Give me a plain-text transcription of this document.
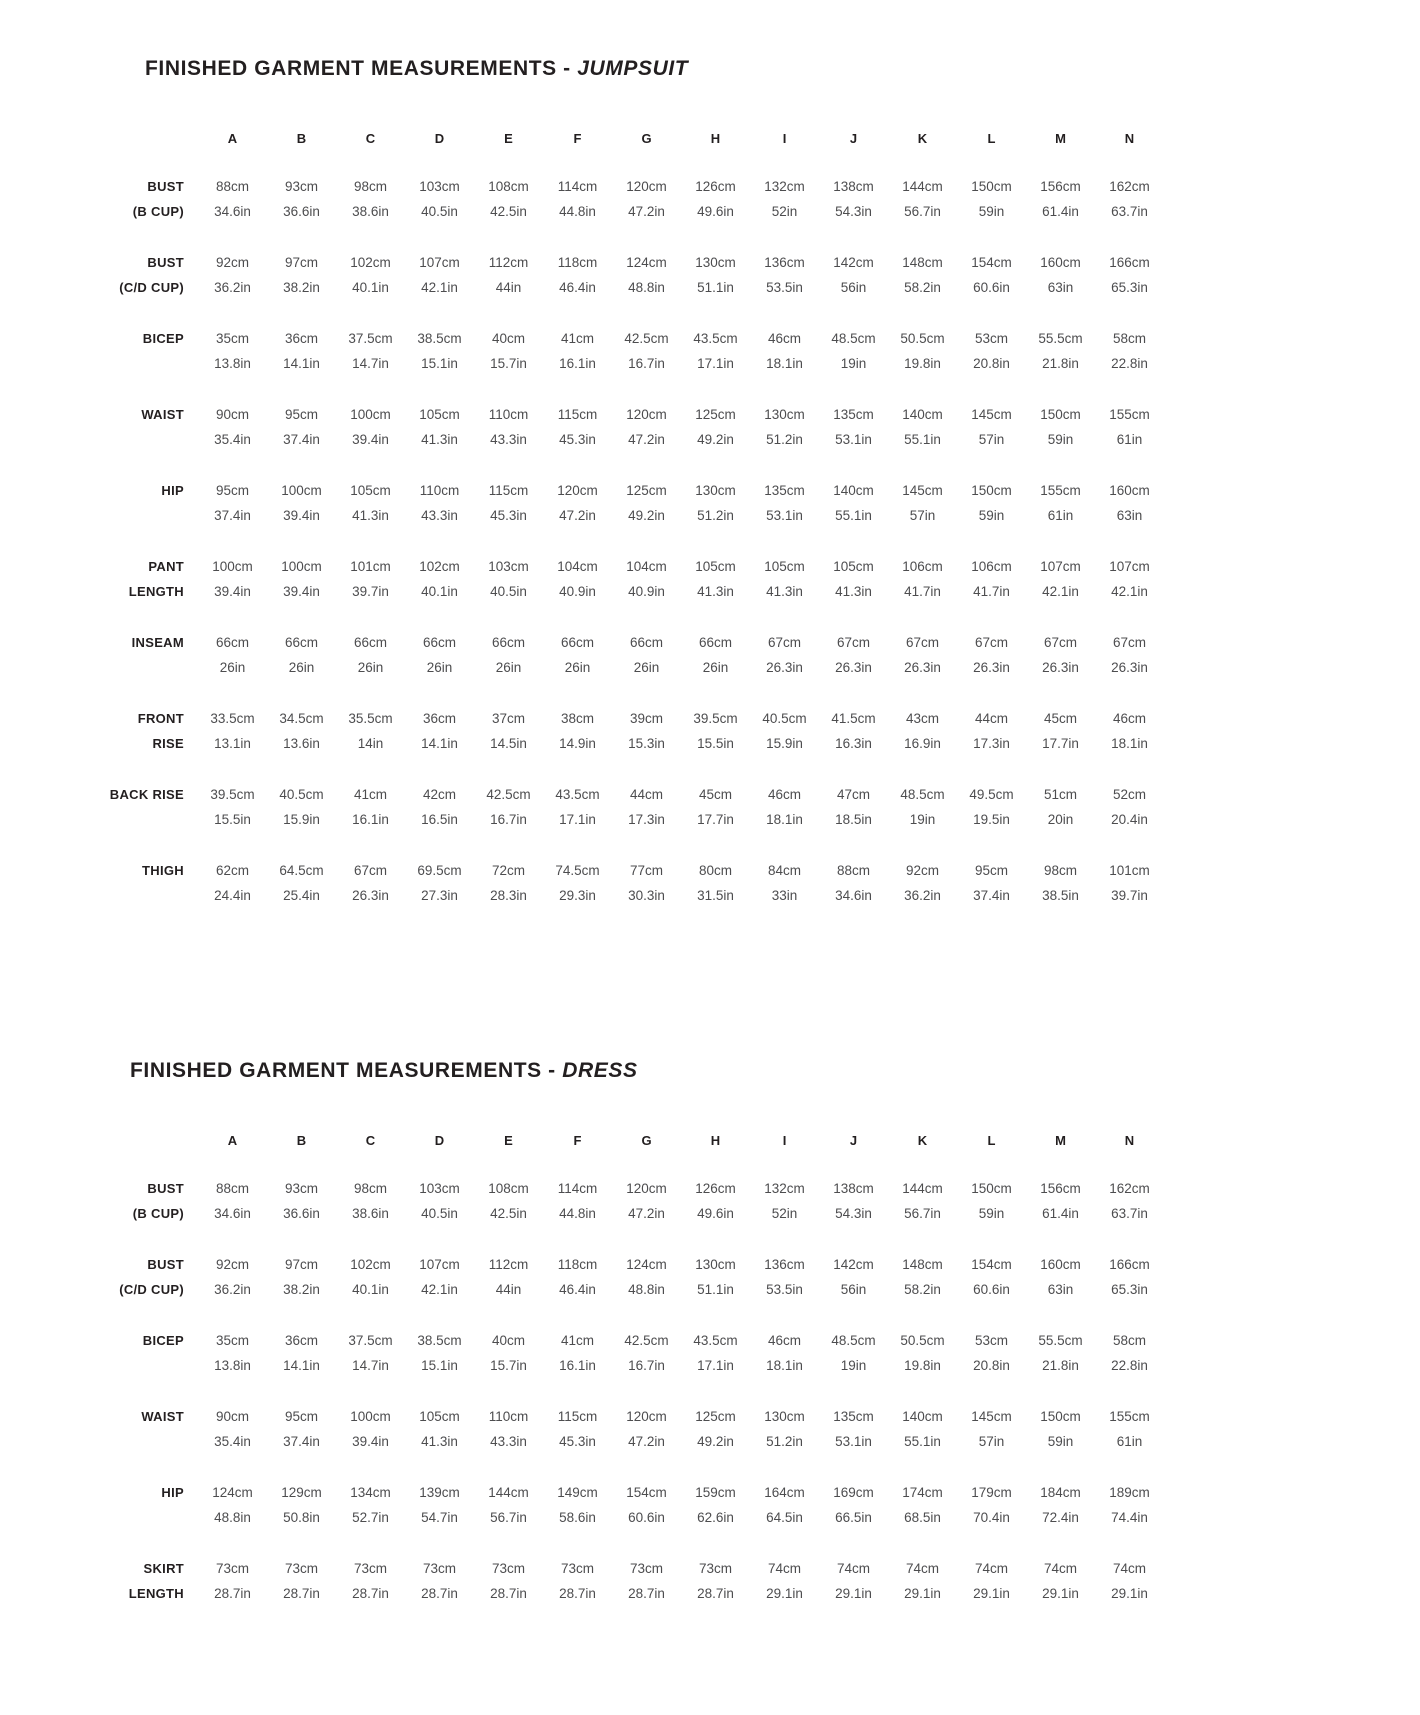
FINISHED GARMENT MEASUREMENTS - JUMPSUIT
A	B	C	D	E	F	G	H	I	J	K	L	M	N
BUST	88cm	93cm	98cm	103cm	108cm	114cm	120cm	126cm	132cm	138cm	144cm	150cm	156cm	162cm
(B CUP)	34.6in	36.6in	38.6in	40.5in	42.5in	44.8in	47.2in	49.6in	52in	54.3in	56.7in	59in	61.4in	63.7in
BUST	92cm	97cm	102cm	107cm	112cm	118cm	124cm	130cm	136cm	142cm	148cm	154cm	160cm	166cm
(C/D CUP)	36.2in	38.2in	40.1in	42.1in	44in	46.4in	48.8in	51.1in	53.5in	56in	58.2in	60.6in	63in	65.3in
BICEP	35cm	36cm	37.5cm	38.5cm	40cm	41cm	42.5cm	43.5cm	46cm	48.5cm	50.5cm	53cm	55.5cm	58cm
13.8in	14.1in	14.7in	15.1in	15.7in	16.1in	16.7in	17.1in	18.1in	19in	19.8in	20.8in	21.8in	22.8in
WAIST	90cm	95cm	100cm	105cm	110cm	115cm	120cm	125cm	130cm	135cm	140cm	145cm	150cm	155cm
35.4in	37.4in	39.4in	41.3in	43.3in	45.3in	47.2in	49.2in	51.2in	53.1in	55.1in	57in	59in	61in
HIP	95cm	100cm	105cm	110cm	115cm	120cm	125cm	130cm	135cm	140cm	145cm	150cm	155cm	160cm
37.4in	39.4in	41.3in	43.3in	45.3in	47.2in	49.2in	51.2in	53.1in	55.1in	57in	59in	61in	63in
PANT	100cm	100cm	101cm	102cm	103cm	104cm	104cm	105cm	105cm	105cm	106cm	106cm	107cm	107cm
LENGTH	39.4in	39.4in	39.7in	40.1in	40.5in	40.9in	40.9in	41.3in	41.3in	41.3in	41.7in	41.7in	42.1in	42.1in
INSEAM	66cm	66cm	66cm	66cm	66cm	66cm	66cm	66cm	67cm	67cm	67cm	67cm	67cm	67cm
26in	26in	26in	26in	26in	26in	26in	26in	26.3in	26.3in	26.3in	26.3in	26.3in	26.3in
FRONT	33.5cm	34.5cm	35.5cm	36cm	37cm	38cm	39cm	39.5cm	40.5cm	41.5cm	43cm	44cm	45cm	46cm
RISE	13.1in	13.6in	14in	14.1in	14.5in	14.9in	15.3in	15.5in	15.9in	16.3in	16.9in	17.3in	17.7in	18.1in
BACK RISE	39.5cm	40.5cm	41cm	42cm	42.5cm	43.5cm	44cm	45cm	46cm	47cm	48.5cm	49.5cm	51cm	52cm
15.5in	15.9in	16.1in	16.5in	16.7in	17.1in	17.3in	17.7in	18.1in	18.5in	19in	19.5in	20in	20.4in
THIGH	62cm	64.5cm	67cm	69.5cm	72cm	74.5cm	77cm	80cm	84cm	88cm	92cm	95cm	98cm	101cm
24.4in	25.4in	26.3in	27.3in	28.3in	29.3in	30.3in	31.5in	33in	34.6in	36.2in	37.4in	38.5in	39.7in
FINISHED GARMENT MEASUREMENTS - DRESS
A	B	C	D	E	F	G	H	I	J	K	L	M	N
BUST	88cm	93cm	98cm	103cm	108cm	114cm	120cm	126cm	132cm	138cm	144cm	150cm	156cm	162cm
(B CUP)	34.6in	36.6in	38.6in	40.5in	42.5in	44.8in	47.2in	49.6in	52in	54.3in	56.7in	59in	61.4in	63.7in
BUST	92cm	97cm	102cm	107cm	112cm	118cm	124cm	130cm	136cm	142cm	148cm	154cm	160cm	166cm
(C/D CUP)	36.2in	38.2in	40.1in	42.1in	44in	46.4in	48.8in	51.1in	53.5in	56in	58.2in	60.6in	63in	65.3in
BICEP	35cm	36cm	37.5cm	38.5cm	40cm	41cm	42.5cm	43.5cm	46cm	48.5cm	50.5cm	53cm	55.5cm	58cm
13.8in	14.1in	14.7in	15.1in	15.7in	16.1in	16.7in	17.1in	18.1in	19in	19.8in	20.8in	21.8in	22.8in
WAIST	90cm	95cm	100cm	105cm	110cm	115cm	120cm	125cm	130cm	135cm	140cm	145cm	150cm	155cm
35.4in	37.4in	39.4in	41.3in	43.3in	45.3in	47.2in	49.2in	51.2in	53.1in	55.1in	57in	59in	61in
HIP	124cm	129cm	134cm	139cm	144cm	149cm	154cm	159cm	164cm	169cm	174cm	179cm	184cm	189cm
48.8in	50.8in	52.7in	54.7in	56.7in	58.6in	60.6in	62.6in	64.5in	66.5in	68.5in	70.4in	72.4in	74.4in
SKIRT	73cm	73cm	73cm	73cm	73cm	73cm	73cm	73cm	74cm	74cm	74cm	74cm	74cm	74cm
LENGTH	28.7in	28.7in	28.7in	28.7in	28.7in	28.7in	28.7in	28.7in	29.1in	29.1in	29.1in	29.1in	29.1in	29.1in
